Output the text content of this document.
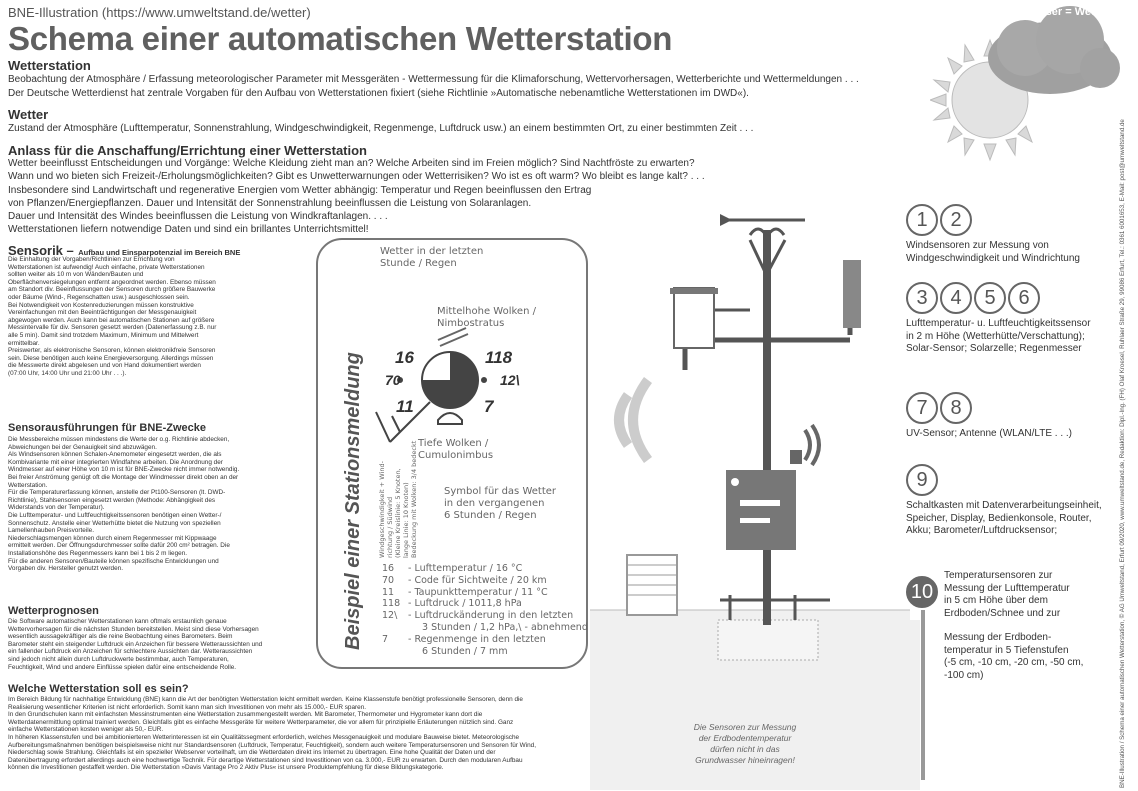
BNE-Illustration (https://www.umweltstand.de/wetter)
Schema einer automatischen Wetterstation
Sonne + Luft + Wasser = Wetter
Wetterstation
Beobachtung der Atmosphäre / Erfassung meteorologischer Parameter mit Messgeräten - Wettermessung für die Klimaforschung, Wettervorhersagen, Wetterberichte und Wettermeldungen . . .
Der Deutsche Wetterdienst hat zentrale Vorgaben für den Aufbau von Wetterstationen fixiert (siehe Richtlinie »Automatische nebenamtliche Wetterstationen im DWD«).
Wetter
Zustand der Atmosphäre (Lufttemperatur, Sonnenstrahlung, Windgeschwindigkeit, Regenmenge, Luftdruck usw.) an einem bestimmten Ort, zu einer bestimmten Zeit . . .
Anlass für die Anschaffung/Errichtung einer Wetterstation
Wetter beeinflusst Entscheidungen und Vorgänge: Welche Kleidung zieht man an? Welche Arbeiten sind im Freien möglich? Sind Nachtfröste zu erwarten?
Wann und wo bieten sich Freizeit-/Erholungsmöglichkeiten? Gibt es Unwetterwarnungen oder Wetterrisiken? Wo ist es oft warm? Wo bleibt es lange kalt? . . .
Insbesondere sind Landwirtschaft und regenerative Energien vom Wetter abhängig: Temperatur und Regen beeinflussen den Ertrag
von Pflanzen/Energiepflanzen. Dauer und Intensität der Sonnenstrahlung beeinflussen die Leistung von Solaranlagen.
Dauer und Intensität des Windes beeinflussen die Leistung von Windkraftanlagen. . . .
Wetterstationen liefern notwendige Daten und sind ein brillantes Unterrichtsmittel!
Sensorik – Aufbau und Einsparpotenzial im Bereich BNE
Die Einhaltung der Vorgaben/Richtlinien zur Errichtung von
Wetterstationen ist aufwendig! Auch einfache, private Wetterstationen
sollten weiter als 10 m von Wänden/Bauten und
Oberflächenversiegelungen entfernt angeordnet werden. Ebenso müssen
am Standort div. Beeinflussungen der Sensoren durch größere Bauwerke
oder Bäume (Wind-, Regenschatten usw.) ausgeschlossen sein.
Bei Notwendigkeit von Kostenreduzierungen müssen konstruktive
Vereinfachungen mit den Beeinträchtigungen der Messgenauigkeit
abgewogen werden. Auch kann bei automatischen Stationen auf größere
Messintervalle für div. Sensoren gesetzt werden (Datenerfassung z.B. nur
alle 5 min). Damit sind trotzdem Maximum, Minimum und Mittelwert
ermittelbar.
Preiswerter, als elektronische Sensoren, können elektronikfreie Sensoren
sein. Diese benötigen auch keine Energieversorgung. Allerdings müssen
die Messwerte direkt abgelesen und von Hand dokumentiert werden
(07:00 Uhr, 14:00 Uhr und 21:00 Uhr . . .).
Sensorausführungen für BNE-Zwecke
Die Messbereiche müssen mindestens die Werte der o.g. Richtlinie abdecken,
Abweichungen bei der Genauigkeit sind abzuwägen.
Als Windsensoren können Schalen-Anemometer eingesetzt werden, die als
Kombivariante mit einer integrierten Windfahne arbeiten. Die Anordnung der
Windmesser auf einer Höhe von 10 m ist für BNE-Zwecke nicht immer notwendig.
Bei freier Anströmung genügt oft die Montage der Windmesser direkt oben an der
Wetterstation.
Für die Temperaturerfassung können, anstelle der Pt100-Sensoren (lt. DWD-
Richtlinie), Stahlsensoren eingesetzt werden (Methode: Abhängigkeit des
Widerstands von der Temperatur).
Die Lufttemperatur- und Luftfeuchtigkeitssensoren benötigen einen Wetter-/
Sonnenschutz. Anstelle einer Wetterhütte bietet die Nutzung von speziellen
Lamellenhauben Preisvorteile.
Niederschlagsmengen können durch einem Regenmesser mit Kippwaage
ermittelt werden. Der Öffnungsdurchmesser sollte dafür 200 cm² betragen. Die
Installationshöhe des Regenmessers kann bei 1 bis 2 m liegen.
Für die anderen Sensoren/Bauteile können spezifische Entwicklungen und
Vorgaben div. Hersteller genutzt werden.
Wetterprognosen
Die Software automatischer Wetterstationen kann oftmals erstaunlich genaue
Wettervorhersagen für die nächsten Stunden bereitstellen. Meist sind diese Vorhersagen
wesentlich aussagekräftiger als die reine Beobachtung eines Barometers. Beim
Barometer steht ein steigender Luftdruck ein Anzeichen für bessere Wetteraussichten und
ein fallender Luftdruck ein Anzeichen für schlechtere Aussichten dar. Wetteraussichten
sind jedoch nicht allein durch Luftdruckwerte bestimmbar, auch Temperaturen,
Feuchtigkeit, Wind und andere Einflüsse spielen dafür eine entscheidende Rolle.
Welche Wetterstation soll es sein?
Im Bereich Bildung für nachhaltige Entwicklung (BNE) kann die Art der benötigten Wetterstation leicht ermittelt werden. Keine Klassenstufe benötigt professionelle Sensoren, denn die
Realisierung wesentlicher Kriterien ist nicht erforderlich. Somit kann man sich Investitionen von mehr als 15.000,- EUR sparen.
In den Grundschulen kann mit einfachsten Messinstrumenten eine Wetterstation zusammengestellt werden. Mit Barometer, Thermometer und Hygrometer kann dort die
Wetterdatenermittlung optimal trainiert werden. Gleichfalls gibt es einfache Messgeräte für weitere Wetterparameter, die vor allem für prinzipielle Erläuterungen nützlich sind. Ganz
einfache Wetterstationen kosten weniger als 50,- EUR.
In höheren Klassenstufen und bei ambitionierteren Wetterinteressen ist ein Qualitätssegment erforderlich, welches Messgenauigkeit und modulare Bauweise bietet. Meteorologische
Aufbereitungsmaßnahmen benötigen beispielsweise nicht nur Standardsensoren (Luftdruck, Temperatur, Feuchtigkeit), sondern auch weitere Temperatursensoren und Sensoren für Wind,
Niederschlag sowie Strahlung. Gleichfalls ist ein spezieller Webserver vorteilhaft, um die Wetterdaten direkt ins Internet zu übertragen. Eine hohe Qualität der Daten und der
Datenübertragung erfordert allerdings auch eine hochwertige Technik. Für derartige Wetterstationen sind Investitionen von ca. 3.000,- EUR zu erwarten. Durch den modularen Aufbau
können die Investitionen gestaffelt werden. Die Wetterstation »Davis Vantage Pro 2 Aktiv Plus« ist unsere Produktempfehlung für diese Bildungskategorie.
Beispiel einer Stationsmeldung
Wetter in der letzten
Stunde / Regen
Mittelhohe Wolken /
Nimbostratus
Tiefe Wolken /
Cumulonimbus
Symbol für das Wetter
in den vergangenen
6 Stunden / Regen
16	118
70	12\
11	7
Windgeschwindigkeit + Wind- richtung / Südwind (Kleine Kreislinie: 5 Knoten, lange Linie: 10 Knoten) Bedeckung mit Wolken: 3/4 bedeckt
16 - Lufttemperatur / 16 °C
70 - Code für Sichtweite / 20 km
11 - Taupunkttemperatur / 11 °C
118 - Luftdruck / 1011,8 hPa
12\ - Luftdruckänderung in den letzten
3 Stunden / 1,2 hPa,\ - abnehmend
7 - Regenmenge in den letzten
6 Stunden / 7 mm
Die Sensoren zur Messung
der Erdbodentemperatur
dürfen nicht in das
Grundwasser hineinragen!
1 2
Windsensoren zur Messung von
Windgeschwindigkeit und Windrichtung
3 4 5 6
Lufttemperatur- u. Luftfeuchtigkeitssensor
in 2 m Höhe (Wetterhütte/Verschattung);
Solar-Sensor; Solarzelle; Regenmesser
7 8
UV-Sensor; Antenne (WLAN/LTE . . .)
9
Schaltkasten mit Datenverarbeitungseinheit,
Speicher, Display, Bedienkonsole, Router,
Akku; Barometer/Luftdrucksensor;
10
Temperatursensoren zur
Messung der Lufttemperatur
in 5 cm Höhe über dem
Erdboden/Schnee und zur
Messung der Erdboden-
temperatur in 5 Tiefenstufen
(-5 cm, -10 cm, -20 cm, -50 cm,
-100 cm)	BNE-Illustration / Schema einer automatischen Wetterstation, © AG Umweltstand, Erfurt 09/2020, www.umweltstand.de, Redaktion: Dipl.-Ing. (FH) Olaf Kroesel, Ruhlaer Straße 29, 99086 Erfurt, Tel.: 0361 6001653, E-Mail: post@umweltstand.de
